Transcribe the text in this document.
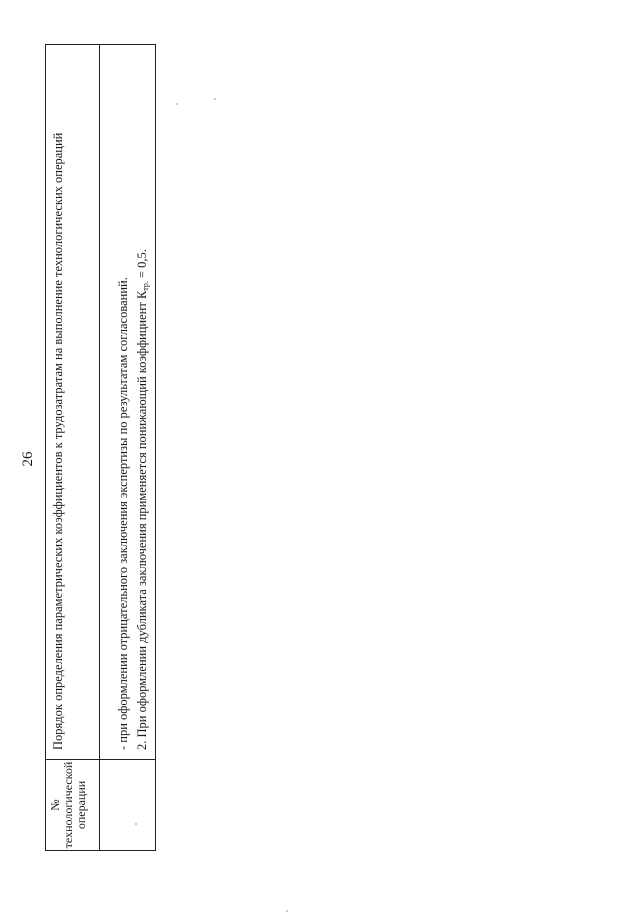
26
№ технологической операции	Порядок определения параметрических коэффициентов к трудозатратам на выполнение технологических операций

	- при оформлении отрицательного заключения экспертизы по результатам согласований. 2. При оформлении дубликата заключения применяется понижающий коэффициент $К_{тр.} = 0,5$.
